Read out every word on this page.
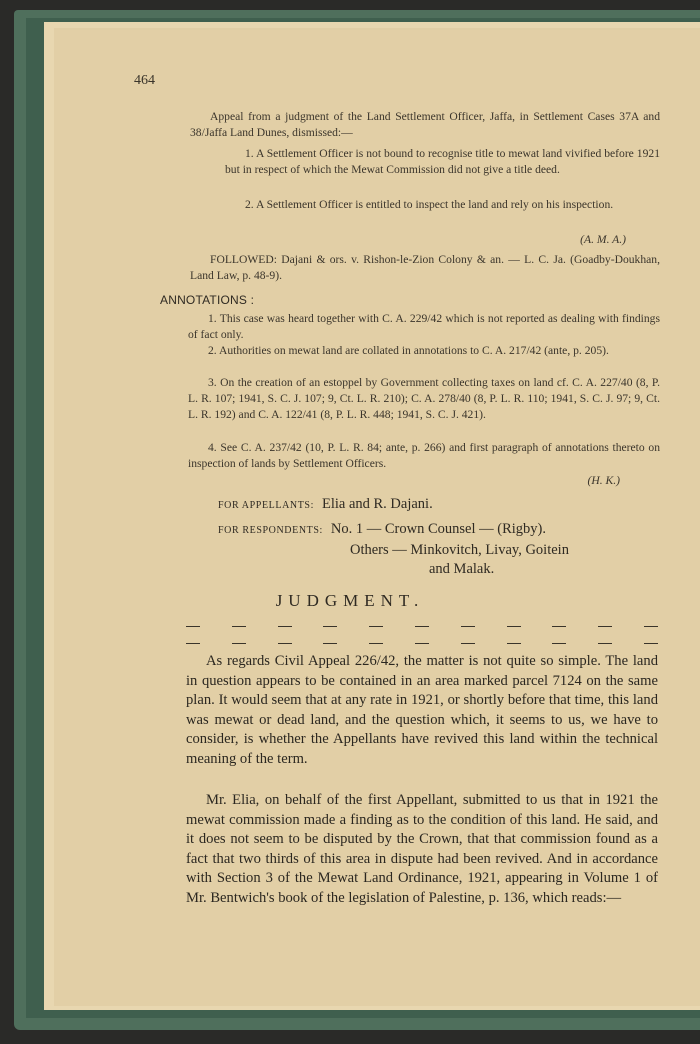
464
Appeal from a judgment of the Land Settlement Officer, Jaffa, in Settlement Cases 37A and 38/Jaffa Land Dunes, dismissed:—
1. A Settlement Officer is not bound to recognise title to mewat land vivified before 1921 but in respect of which the Mewat Commission did not give a title deed.
2. A Settlement Officer is entitled to inspect the land and rely on his inspection.
(A. M. A.)
FOLLOWED: Dajani & ors. v. Rishon-le-Zion Colony & an. — L. C. Ja. (Goadby-Doukhan, Land Law, p. 48-9).
ANNOTATIONS :
1. This case was heard together with C. A. 229/42 which is not reported as dealing with findings of fact only.
2. Authorities on mewat land are collated in annotations to C. A. 217/42 (ante, p. 205).
3. On the creation of an estoppel by Government collecting taxes on land cf. C. A. 227/40 (8, P. L. R. 107; 1941, S. C. J. 107; 9, Ct. L. R. 210); C. A. 278/40 (8, P. L. R. 110; 1941, S. C. J. 97; 9, Ct. L. R. 192) and C. A. 122/41 (8, P. L. R. 448; 1941, S. C. J. 421).
4. See C. A. 237/42 (10, P. L. R. 84; ante, p. 266) and first paragraph of annotations thereto on inspection of lands by Settlement Officers.
(H. K.)
FOR APPELLANTS: Elia and R. Dajani.
FOR RESPONDENTS: No. 1 — Crown Counsel — (Rigby).
Others — Minkovitch, Livay, Goitein
and Malak.
JUDGMENT.
As regards Civil Appeal 226/42, the matter is not quite so simple. The land in question appears to be contained in an area marked parcel 7124 on the same plan. It would seem that at any rate in 1921, or shortly before that time, this land was mewat or dead land, and the question which, it seems to us, we have to consider, is whether the Appellants have revived this land within the technical meaning of the term.
Mr. Elia, on behalf of the first Appellant, submitted to us that in 1921 the mewat commission made a finding as to the condition of this land. He said, and it does not seem to be disputed by the Crown, that that commission found as a fact that two thirds of this area in dispute had been revived. And in accordance with Section 3 of the Mewat Land Ordinance, 1921, appearing in Volume 1 of Mr. Bentwich's book of the legislation of Palestine, p. 136, which reads:—
